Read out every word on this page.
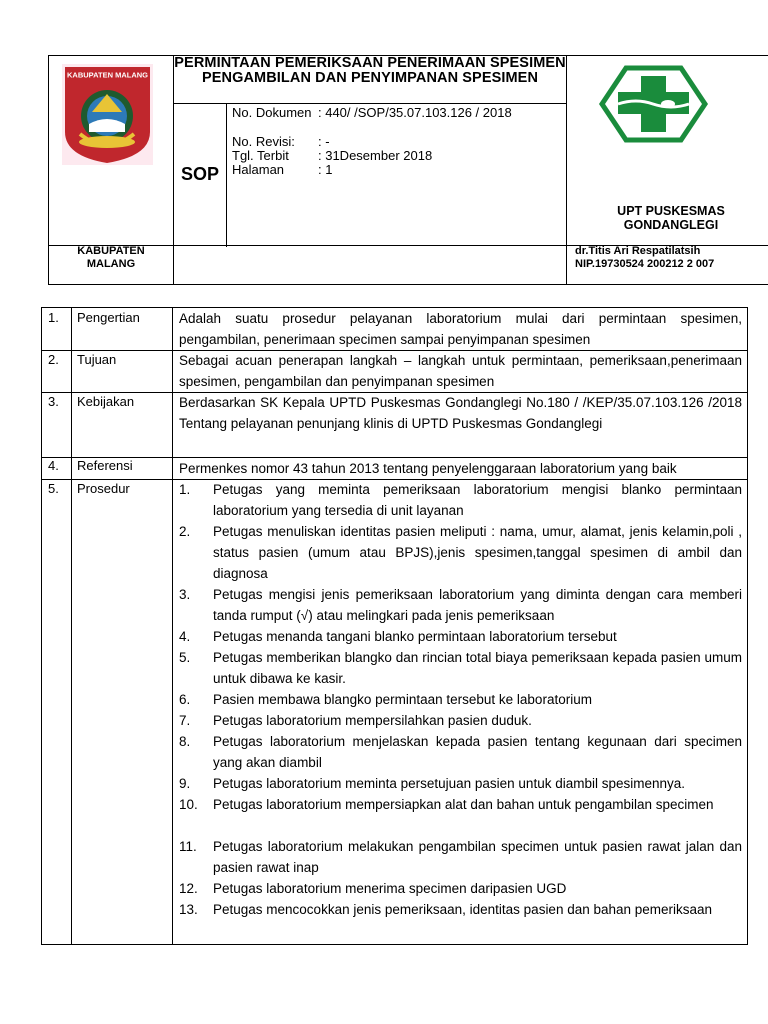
KABUPATEN MALANG
PERMINTAAN PEMERIKSAAN PENERIMAAN SPESIMEN PENGAMBILAN DAN PENYIMPANAN SPESIMEN
SOP
No. Dokumen : 440/ /SOP/35.07.103.126 / 2018
No. Revisi: : -
Tgl. Terbit : 31Desember 2018
Halaman	: 1
UPT PUSKESMAS
GONDANGLEGI
KABUPATEN
MALANG
dr.Titis Ari Respatilatsih
NIP.19730524 200212 2 007
1. Pengertian	Adalah suatu prosedur pelayanan laboratorium mulai dari permintaan spesimen, pengambilan, penerimaan specimen sampai penyimpanan spesimen
2. Tujuan	Sebagai acuan penerapan langkah – langkah untuk permintaan, pemeriksaan,penerimaan spesimen, pengambilan dan penyimpanan spesimen
3. Kebijakan	Berdasarkan SK Kepala UPTD Puskesmas Gondanglegi No.180 / /KEP/35.07.103.126 /2018 Tentang pelayanan penunjang klinis di UPTD Puskesmas Gondanglegi
4. Referensi	Permenkes nomor 43 tahun 2013 tentang penyelenggaraan laboratorium yang baik
5. Prosedur	1. Petugas yang meminta pemeriksaan laboratorium mengisi blanko permintaan laboratorium yang tersedia di unit layanan
2. Petugas menuliskan identitas pasien meliputi : nama, umur, alamat, jenis kelamin,poli , status pasien (umum atau BPJS),jenis spesimen,tanggal spesimen di ambil dan diagnosa
3. Petugas mengisi jenis pemeriksaan laboratorium yang diminta dengan cara memberi tanda rumput (√) atau melingkari pada jenis pemeriksaan
4. Petugas menanda tangani blanko permintaan laboratorium tersebut
5. Petugas memberikan blangko dan rincian total biaya pemeriksaan kepada pasien umum untuk dibawa ke kasir.
6. Pasien membawa blangko permintaan tersebut ke laboratorium
7. Petugas laboratorium mempersilahkan pasien duduk.
8. Petugas laboratorium menjelaskan kepada pasien tentang kegunaan dari specimen yang akan diambil
9. Petugas laboratorium meminta persetujuan pasien untuk diambil spesimennya.
10. Petugas laboratorium mempersiapkan alat dan bahan untuk pengambilan specimen
11. Petugas laboratorium melakukan pengambilan specimen untuk pasien rawat jalan dan pasien rawat inap
12. Petugas laboratorium menerima specimen daripasien UGD
13. Petugas mencocokkan jenis pemeriksaan, identitas pasien dan bahan pemeriksaan
